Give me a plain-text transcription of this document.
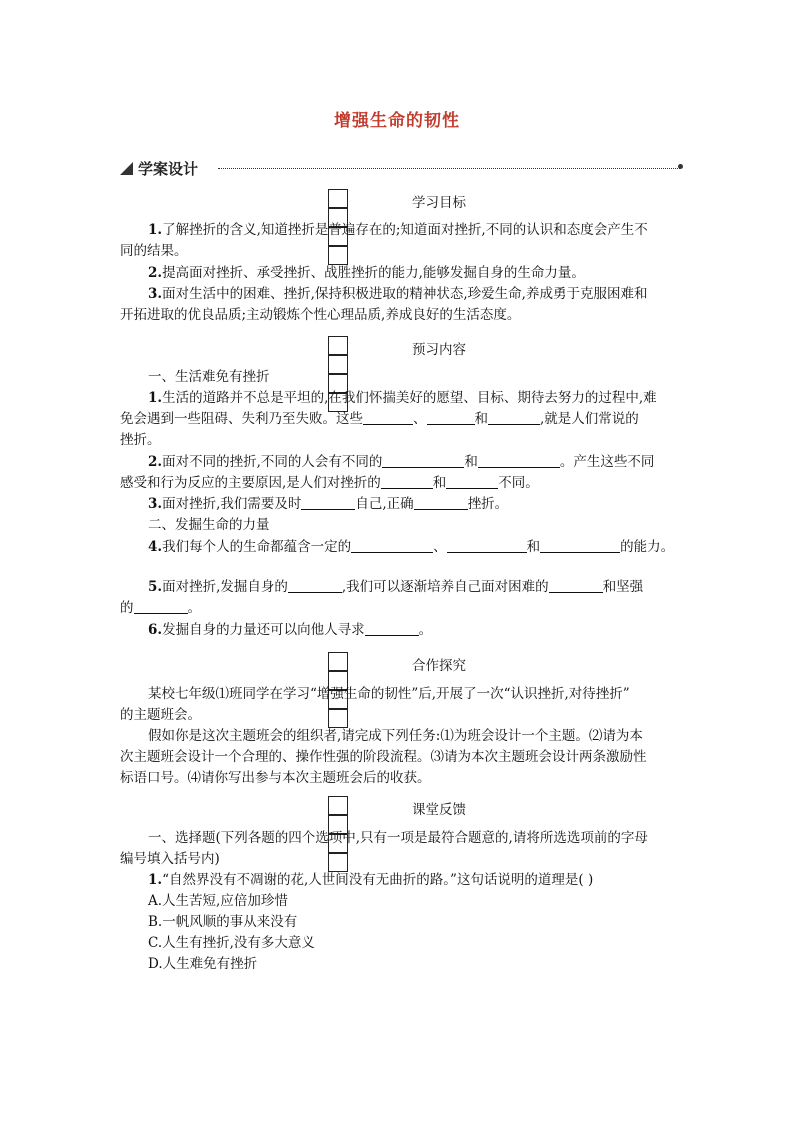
增强生命的韧性
学案设计
学习目标
1.了解挫折的含义,知道挫折是普遍存在的;知道面对挫折,不同的认识和态度会产生不
同的结果。
2.提高面对挫折、承受挫折、战胜挫折的能力,能够发掘自身的生命力量。
3.面对生活中的困难、挫折,保持积极进取的精神状态,珍爱生命,养成勇于克服困难和
开拓进取的优良品质;主动锻炼个性心理品质,养成良好的生活态度。
预习内容
一、生活难免有挫折
1.生活的道路并不总是平坦的,在我们怀揣美好的愿望、目标、期待去努力的过程中,难
免会遇到一些阻碍、失利乃至失败。这些	、	和	,就是人们常说的
挫折。
2.面对不同的挫折,不同的人会有不同的	和	。产生这些不同
感受和行为反应的主要原因,是人们对挫折的	和	不同。
3.面对挫折,我们需要及时	自己,正确	挫折。
二、发掘生命的力量
4.我们每个人的生命都蕴含一定的	、	和	的能力。
5.面对挫折,发掘自身的	,我们可以逐渐培养自己面对困难的	和坚强
的	。
6.发掘自身的力量还可以向他人寻求	。
合作探究
某校七年级⑴班同学在学习“增强生命的韧性”后,开展了一次“认识挫折,对待挫折”
的主题班会。
假如你是这次主题班会的组织者,请完成下列任务:⑴为班会设计一个主题。⑵请为本
次主题班会设计一个合理的、操作性强的阶段流程。⑶请为本次主题班会设计两条激励性
标语口号。⑷请你写出参与本次主题班会后的收获。
课堂反馈
一、选择题(下列各题的四个选项中,只有一项是最符合题意的,请将所选选项前的字母
编号填入括号内)
1.“自然界没有不凋谢的花,人世间没有无曲折的路。”这句话说明的道理是( )
A.人生苦短,应倍加珍惜
B.一帆风顺的事从来没有
C.人生有挫折,没有多大意义
D.人生难免有挫折
